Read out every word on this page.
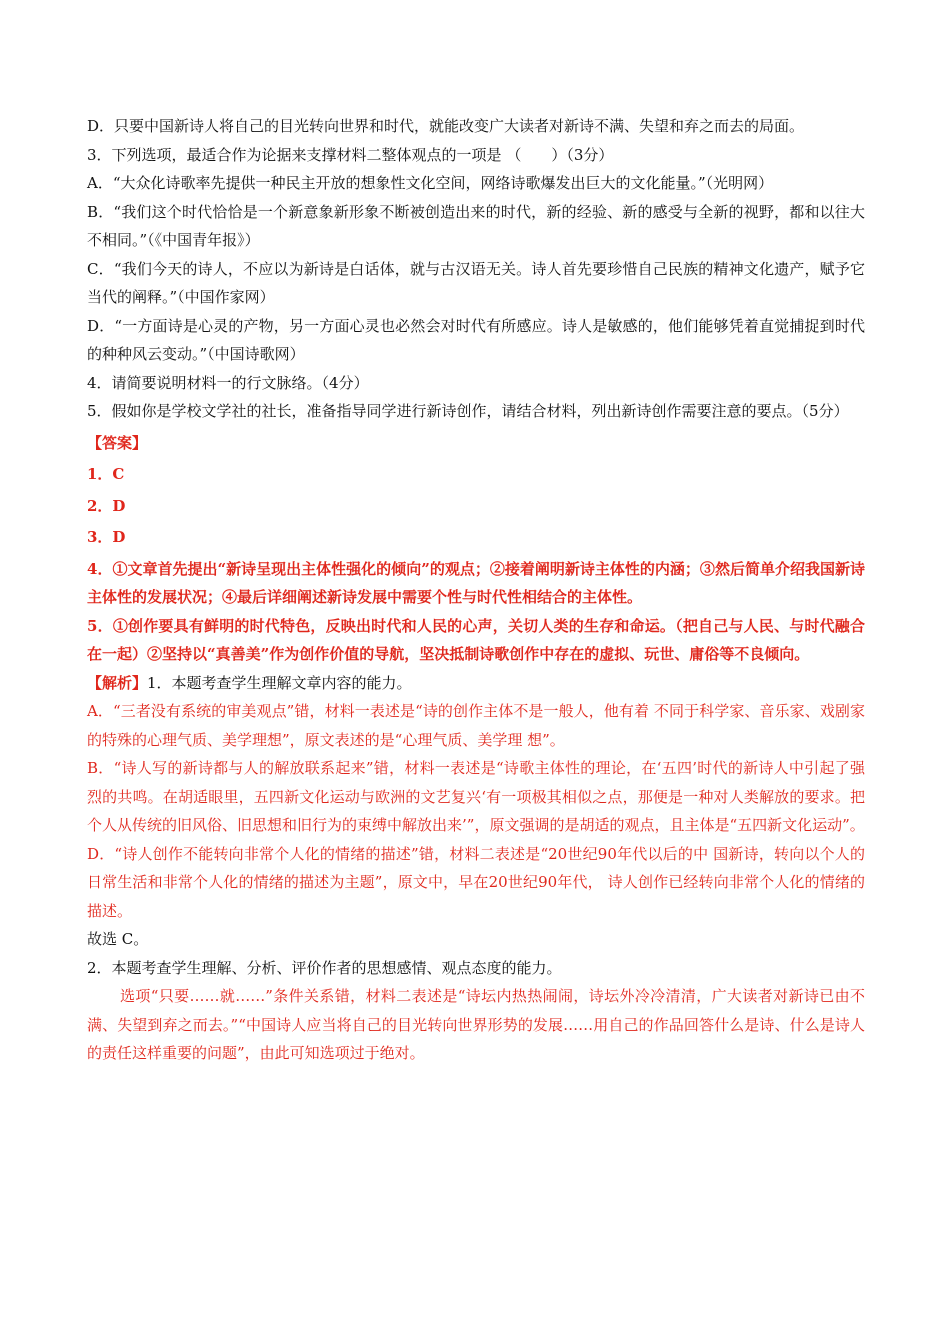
D．只要中国新诗人将自己的目光转向世界和时代，就能改变广大读者对新诗不满、失望和弃之而去的局面。

3．下列选项，最适合作为论据来支撑材料二整体观点的一项是 （　　）（3分）

A．“大众化诗歌率先提供一种民主开放的想象性文化空间，网络诗歌爆发出巨大的文化能量。”（光明网）

B．“我们这个时代恰恰是一个新意象新形象不断被创造出来的时代，新的经验、新的感受与全新的视野，都和以往大不相同。”（《中国青年报》）

C．“我们今天的诗人，不应以为新诗是白话体，就与古汉语无关。诗人首先要珍惜自己民族的精神文化遗产，赋予它当代的阐释。”（中国作家网）

D．“一方面诗是心灵的产物，另一方面心灵也必然会对时代有所感应。诗人是敏感的，他们能够凭着直觉捕捉到时代的种种风云变动。”（中国诗歌网）

4．请简要说明材料一的行文脉络。（4分）

5．假如你是学校文学社的社长，准备指导同学进行新诗创作，请结合材料，列出新诗创作需要注意的要点。（5分）

【答案】

1．C

2．D

3．D

4．①文章首先提出“新诗呈现出主体性强化的倾向”的观点；②接着阐明新诗主体性的内涵；③然后简单介绍我国新诗主体性的发展状况；④最后详细阐述新诗发展中需要个性与时代性相结合的主体性。

5．①创作要具有鲜明的时代特色，反映出时代和人民的心声，关切人类的生存和命运。（把自己与人民、与时代融合在一起）②坚持以“真善美”作为创作价值的导航，坚决抵制诗歌创作中存在的虚拟、玩世、庸俗等不良倾向。

【解析】1．本题考查学生理解文章内容的能力。

A．“三者没有系统的审美观点”错，材料一表述是“诗的创作主体不是一般人，他有着 不同于科学家、音乐家、戏剧家的特殊的心理气质、美学理想”，原文表述的是“心理气质、美学理 想”。

B．“诗人写的新诗都与人的解放联系起来”错，材料一表述是“诗歌主体性的理论，在‘五四’时代的新诗人中引起了强烈的共鸣。在胡适眼里，五四新文化运动与欧洲的文艺复兴‘有一项极其相似之点，那便是一种对人类解放的要求。把个人从传统的旧风俗、旧思想和旧行为的束缚中解放出来’”，原文强调的是胡适的观点，且主体是“五四新文化运动”。

D．“诗人创作不能转向非常个人化的情绪的描述”错，材料二表述是“20世纪90年代以后的中 国新诗，转向以个人的日常生活和非常个人化的情绪的描述为主题”，原文中，早在20世纪90年代， 诗人创作已经转向非常个人化的情绪的描述。

故选 C。

2．本题考查学生理解、分析、评价作者的思想感情、观点态度的能力。

选项“只要……就……”条件关系错，材料二表述是“诗坛内热热闹闹，诗坛外冷冷清清，广大读者对新诗已由不满、失望到弃之而去。”“中国诗人应当将自己的目光转向世界形势的发展……用自己的作品回答什么是诗、什么是诗人的责任这样重要的问题”，由此可知选项过于绝对。
